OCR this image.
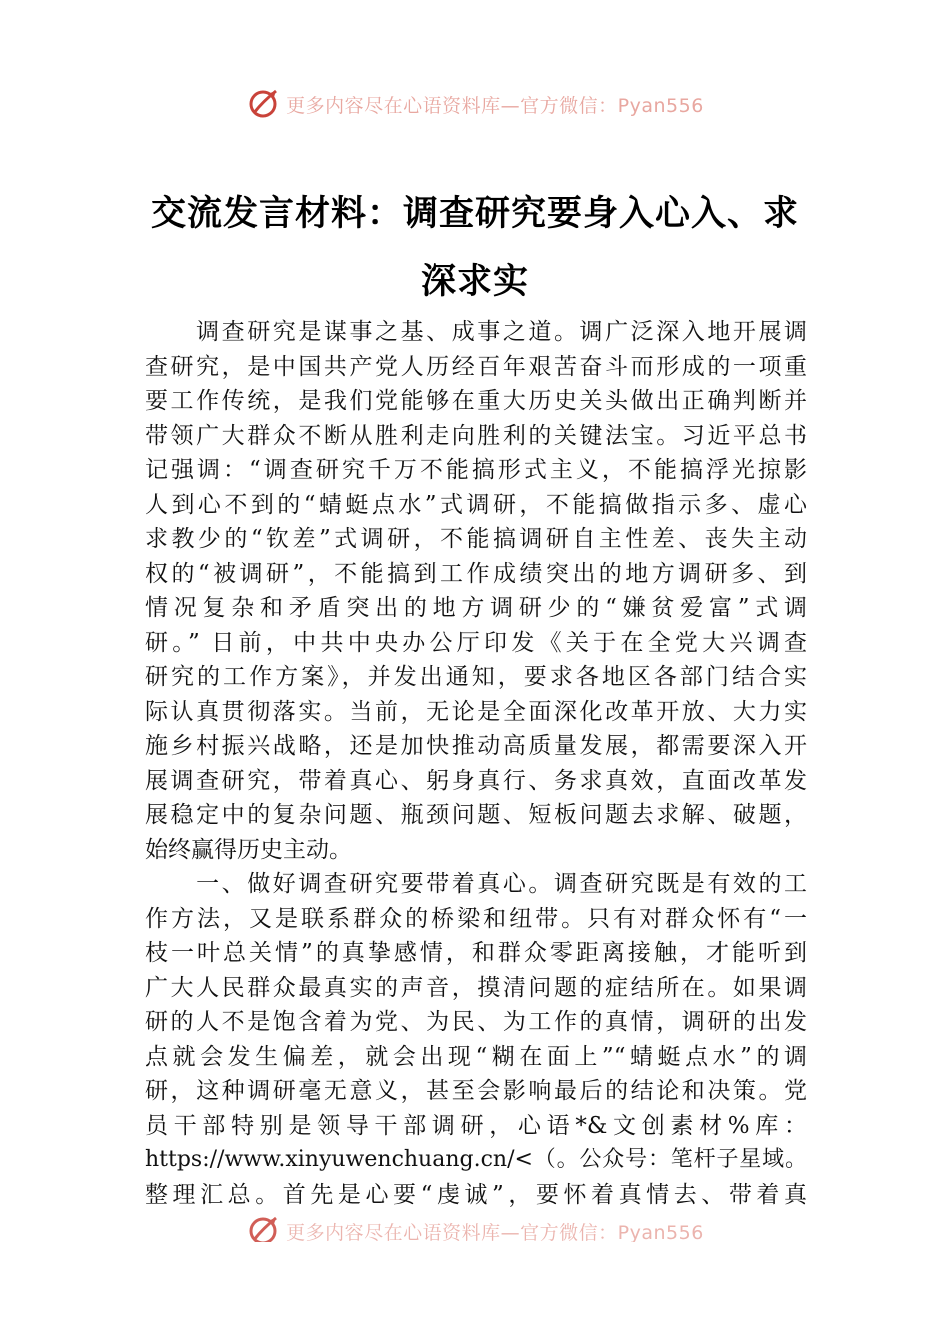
更多内容尽在心语资料库—官方微信：Pyan556
交流发言材料：调查研究要身入心入、求
深求实
　　调查研究是谋事之基、成事之道。调广泛深入地开展调
查研究，是中国共产党人历经百年艰苦奋斗而形成的一项重
要工作传统，是我们党能够在重大历史关头做出正确判断并
带领广大群众不断从胜利走向胜利的关键法宝。习近平总书
记强调：“调查研究千万不能搞形式主义，不能搞浮光掠影
人到心不到的“蜻蜓点水”式调研，不能搞做指示多、虚心
求教少的“钦差”式调研，不能搞调研自主性差、丧失主动
权的“被调研”，不能搞到工作成绩突出的地方调研多、到
情况复杂和矛盾突出的地方调研少的“嫌贫爱富”式调
研。” 日前，中共中央办公厅印发《关于在全党大兴调查
研究的工作方案》，并发出通知，要求各地区各部门结合实
际认真贯彻落实。当前，无论是全面深化改革开放、大力实
施乡村振兴战略，还是加快推动高质量发展，都需要深入开
展调查研究，带着真心、躬身真行、务求真效，直面改革发
展稳定中的复杂问题、瓶颈问题、短板问题去求解、破题，
始终赢得历史主动。
　　一、做好调查研究要带着真心。调查研究既是有效的工
作方法，又是联系群众的桥梁和纽带。只有对群众怀有“一
枝一叶总关情”的真挚感情，和群众零距离接触，才能听到
广大人民群众最真实的声音，摸清问题的症结所在。如果调
研的人不是饱含着为党、为民、为工作的真情，调研的出发
点就会发生偏差，就会出现“糊在面上”“蜻蜓点水”的调
研，这种调研毫无意义，甚至会影响最后的结论和决策。党
员干部特别是领导干部调研，心语*&文创素材%库：
https://www.xinyuwenchuang.cn/<（。公众号：笔杆子星域。
整理汇总。首先是心要“虔诚”，要怀着真情去、带着真
更多内容尽在心语资料库—官方微信：Pyan556
